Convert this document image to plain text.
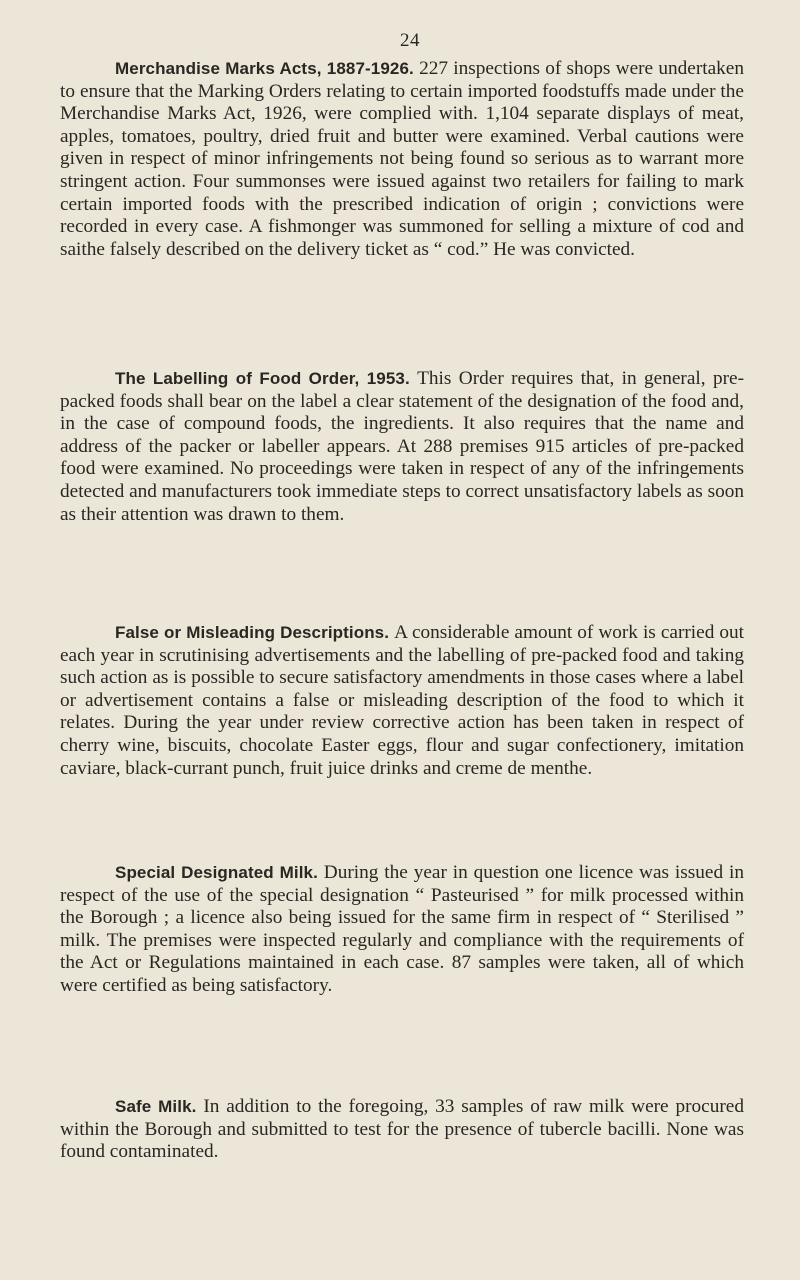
24

Merchandise Marks Acts, 1887-1926. 227 inspections of shops were undertaken to ensure that the Marking Orders relating to certain imported foodstuffs made under the Merchandise Marks Act, 1926, were complied with. 1,104 separate displays of meat, apples, tomatoes, poultry, dried fruit and butter were examined. Verbal cautions were given in respect of minor infringements not being found so serious as to warrant more stringent action. Four summonses were issued against two retailers for failing to mark certain imported foods with the prescribed indication of origin ; convictions were recorded in every case. A fishmonger was summoned for selling a mixture of cod and saithe falsely described on the delivery ticket as “ cod.” He was convicted.

The Labelling of Food Order, 1953. This Order requires that, in general, pre-packed foods shall bear on the label a clear statement of the designation of the food and, in the case of compound foods, the ingredients. It also requires that the name and address of the packer or labeller appears. At 288 premises 915 articles of pre-packed food were examined. No proceedings were taken in respect of any of the infringements detected and manufacturers took immediate steps to correct unsatisfactory labels as soon as their attention was drawn to them.

False or Misleading Descriptions. A considerable amount of work is carried out each year in scrutinising advertisements and the labelling of pre-packed food and taking such action as is possible to secure satisfactory amendments in those cases where a label or advertisement contains a false or misleading description of the food to which it relates. During the year under review corrective action has been taken in respect of cherry wine, biscuits, chocolate Easter eggs, flour and sugar confectionery, imitation caviare, black-currant punch, fruit juice drinks and creme de menthe.

Special Designated Milk. During the year in question one licence was issued in respect of the use of the special designation “ Pasteurised ” for milk processed within the Borough ; a licence also being issued for the same firm in respect of “ Sterilised ” milk. The premises were inspected regularly and compliance with the requirements of the Act or Regulations maintained in each case. 87 samples were taken, all of which were certified as being satisfactory.

Safe Milk. In addition to the foregoing, 33 samples of raw milk were procured within the Borough and submitted to test for the presence of tubercle bacilli. None was found contaminated.
